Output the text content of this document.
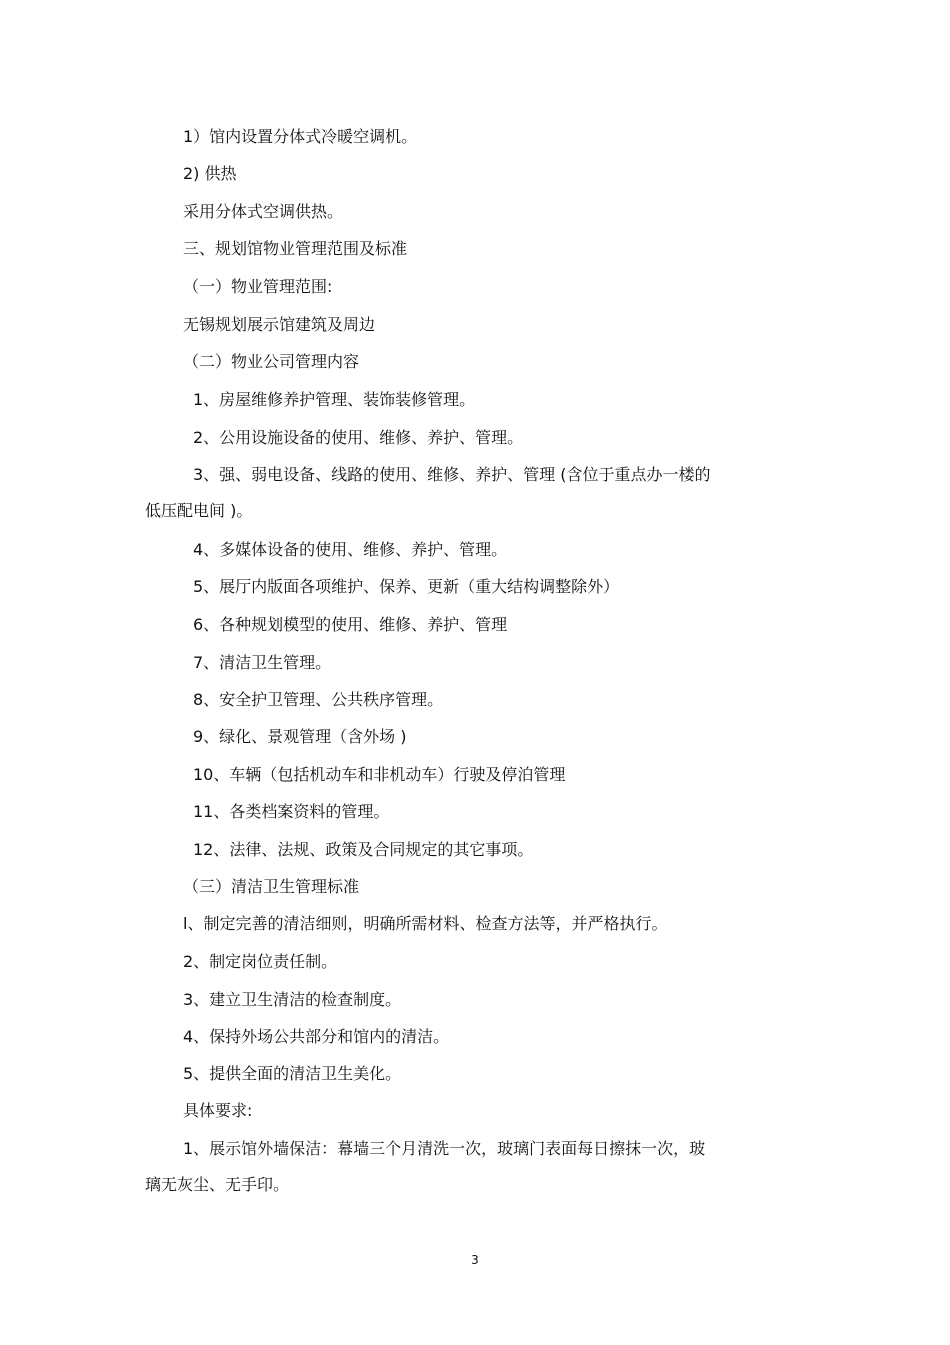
1）馆内设置分体式冷暖空调机。
2) 供热
采用分体式空调供热。
三、规划馆物业管理范围及标准
（一）物业管理范围:
无锡规划展示馆建筑及周边
（二）物业公司管理内容
1、房屋维修养护管理、装饰装修管理。
2、公用设施设备的使用、维修、养护、管理。
3、强、弱电设备、线路的使用、维修、养护、管理 (含位于重点办一楼的
低压配电间 )。
4、多媒体设备的使用、维修、养护、管理。
5、展厅内版面各项维护、保养、更新（重大结构调整除外）
6、各种规划模型的使用、维修、养护、管理
7、清洁卫生管理。
8、安全护卫管理、公共秩序管理。
9、绿化、景观管理（含外场 )
10、车辆（包括机动车和非机动车）行驶及停泊管理
11、各类档案资料的管理。
12、法律、法规、政策及合同规定的其它事项。
（三）清洁卫生管理标准
l、制定完善的清洁细则，明确所需材料、检查方法等，并严格执行。
2、制定岗位责任制。
3、建立卫生清洁的检查制度。
4、保持外场公共部分和馆内的清洁。
5、提供全面的清洁卫生美化。
具体要求:
1、展示馆外墙保洁：幕墙三个月清洗一次，玻璃门表面每日擦抹一次，玻
璃无灰尘、无手印。
3
